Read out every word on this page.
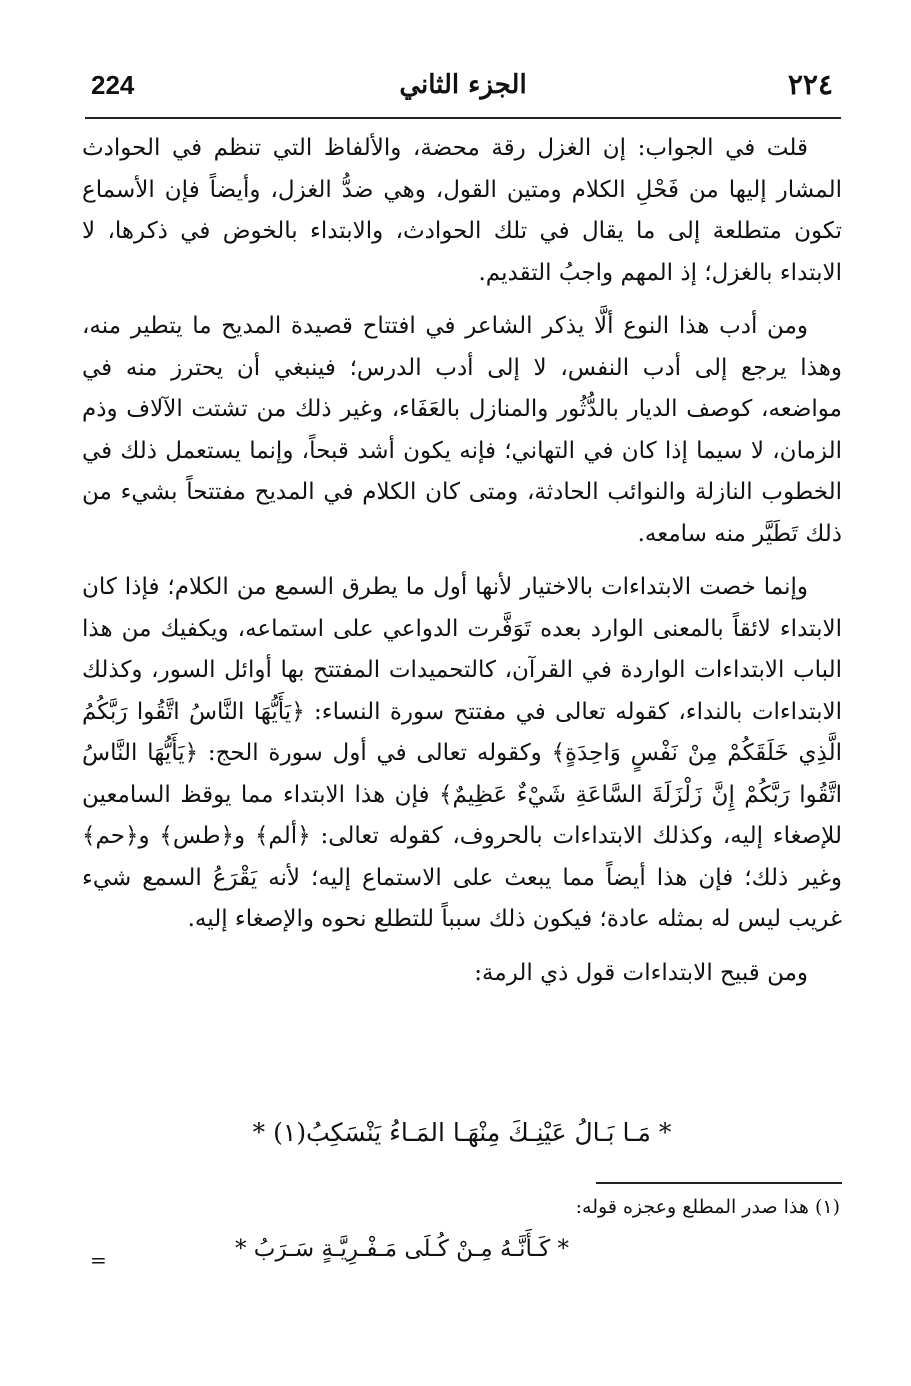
224	الجزء الثاني	٢٢٤

قلت في الجواب: إن الغزل رقة محضة، والألفاظ التي تنظم في الحوادث المشار إليها من فَحْلِ الكلام ومتين القول، وهي ضدُّ الغزل، وأيضاً فإن الأسماع تكون متطلعة إلى ما يقال في تلك الحوادث، والابتداء بالخوض في ذكرها، لا الابتداء بالغزل؛ إذ المهم واجبُ التقديم.

ومن أدب هذا النوع ألَّا يذكر الشاعر في افتتاح قصيدة المديح ما يتطير منه، وهذا يرجع إلى أدب النفس، لا إلى أدب الدرس؛ فينبغي أن يحترز منه في مواضعه، كوصف الديار بالدُّثُور والمنازل بالعَفَاء، وغير ذلك من تشتت الآلاف وذم الزمان، لا سيما إذا كان في التهاني؛ فإنه يكون أشد قبحاً، وإنما يستعمل ذلك في الخطوب النازلة والنوائب الحادثة، ومتى كان الكلام في المديح مفتتحاً بشيء من ذلك تَطَيَّر منه سامعه.

وإنما خصت الابتداءات بالاختيار لأنها أول ما يطرق السمع من الكلام؛ فإذا كان الابتداء لائقاً بالمعنى الوارد بعده تَوَفَّرت الدواعي على استماعه، ويكفيك من هذا الباب الابتداءات الواردة في القرآن، كالتحميدات المفتتح بها أوائل السور، وكذلك الابتداءات بالنداء، كقوله تعالى في مفتتح سورة النساء: ﴿يَأَيُّهَا النَّاسُ اتَّقُوا رَبَّكُمُ الَّذِي خَلَقَكُمْ مِنْ نَفْسٍ وَاحِدَةٍ﴾ وكقوله تعالى في أول سورة الحج: ﴿يَأَيُّهَا النَّاسُ اتَّقُوا رَبَّكُمْ إِنَّ زَلْزَلَةَ السَّاعَةِ شَيْءٌ عَظِيمٌ﴾ فإن هذا الابتداء مما يوقظ السامعين للإصغاء إليه، وكذلك الابتداءات بالحروف، كقوله تعالى: ﴿ألم﴾ و﴿طس﴾ و﴿حم﴾ وغير ذلك؛ فإن هذا أيضاً مما يبعث على الاستماع إليه؛ لأنه يَقْرَعُ السمع شيء غريب ليس له بمثله عادة؛ فيكون ذلك سبباً للتطلع نحوه والإصغاء إليه.

ومن قبيح الابتداءات قول ذي الرمة:

* مَـا بَـالُ عَيْنِـكَ مِنْهَـا المَـاءُ يَنْسَكِبُ(١) *
(١) هذا صدر المطلع وعجزه قوله:
* كَـأَنَّـهُ مِـنْ كُـلَى مَـفْـرِيَّـةٍ سَـرَبُ *
=
